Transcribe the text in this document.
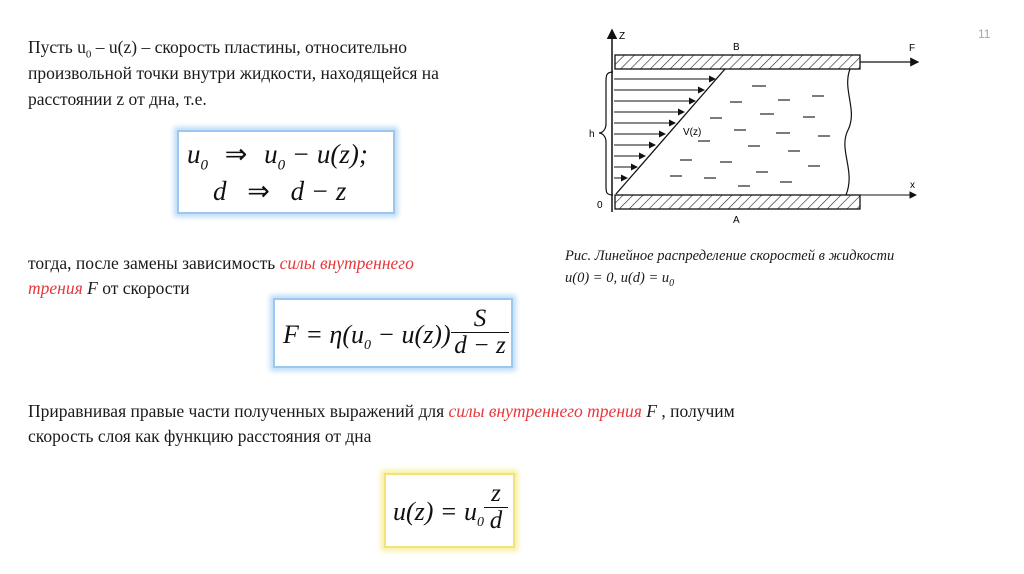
11
Пусть $u_0 - u(z)$ – скорость пластины, относительно
произвольной точки внутри жидкости, находящейся на
расстоянии z от дна, т.е.
$u_0$ ⇒ $u_0 - u(z)$;
d ⇒ d − z
тогда, после замены зависимость силы внутреннего
трения F от скорости
$F = \eta(u_0 - u(z))$
S
d − z
Приравнивая правые части полученных выражений для силы внутреннего трения F , получим
скорость слоя как функцию расстояния от дна
$u(z) = u_0$
z
d
Z
B	F
A
x
0
h	V(z)
Рис. Линейное распределение скоростей в жидкости
u(0) = 0, $u(d) = u_0$
